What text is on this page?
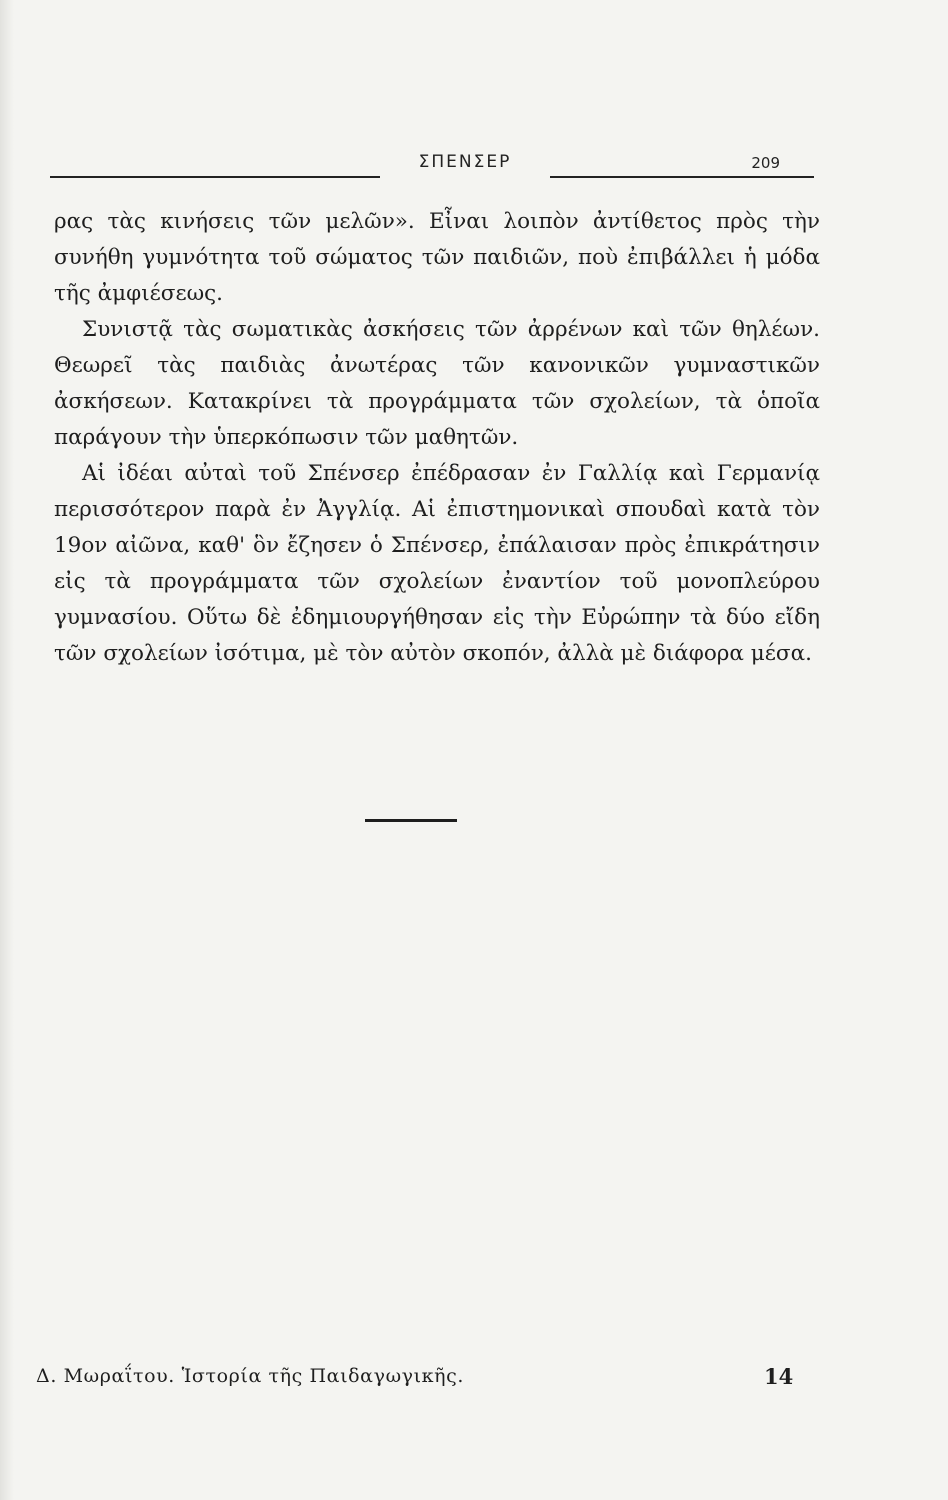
ΣΠΕΝΣΕΡ	209

ρας τὰς κινήσεις τῶν μελῶν». Εἶναι λοιπὸν ἀντίθετος πρὸς τὴν συνήθη γυμνότητα τοῦ σώματος τῶν παιδιῶν, ποὺ ἐπιβάλλει ἡ μόδα τῆς ἀμφιέσεως.

Συνιστᾷ τὰς σωματικὰς ἀσκήσεις τῶν ἀρρένων καὶ τῶν θηλέων. Θεωρεῖ τὰς παιδιὰς ἀνωτέρας τῶν κανονικῶν γυμναστικῶν ἀσκήσεων. Κατακρίνει τὰ προγράμματα τῶν σχολείων, τὰ ὁποῖα παράγουν τὴν ὑπερκόπωσιν τῶν μαθητῶν.

Αἱ ἰδέαι αὐταὶ τοῦ Σπένσερ ἐπέδρασαν ἐν Γαλλίᾳ καὶ Γερμανίᾳ περισσότερον παρὰ ἐν Ἀγγλίᾳ. Αἱ ἐπιστημονικαὶ σπουδαὶ κατὰ τὸν 19ον αἰῶνα, καθ' ὃν ἔζησεν ὁ Σπένσερ, ἐπάλαισαν πρὸς ἐπικράτησιν εἰς τὰ προγράμματα τῶν σχολείων ἐναντίον τοῦ μονοπλεύρου γυμνασίου. Οὕτω δὲ ἐδημιουργήθησαν εἰς τὴν Εὐρώπην τὰ δύο εἴδη τῶν σχολείων ἰσότιμα, μὲ τὸν αὐτὸν σκοπόν, ἀλλὰ μὲ διάφορα μέσα.

Δ. Μωραΐτου. Ἱστορία τῆς Παιδαγωγικῆς.	14
